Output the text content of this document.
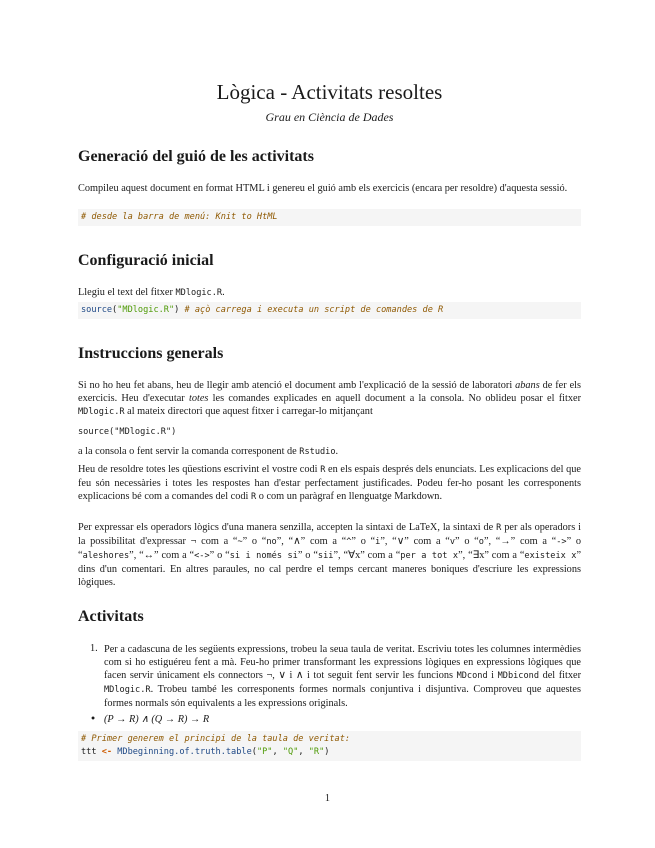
Lògica - Activitats resoltes
Grau en Ciència de Dades
Generació del guió de les activitats

Compileu aquest document en format HTML i genereu el guió amb els exercicis (encara per resoldre) d'aquesta sessió.

# desde la barra de menú: Knit to HtML
Configuració inicial

Llegiu el text del fitxer MDlogic.R.

source("MDlogic.R") # açò carrega i executa un script de comandes de R
Instruccions generals

Si no ho heu fet abans, heu de llegir amb atenció el document amb l'explicació de la sessió de laboratori abans de fer els exercicis. Heu d'executar totes les comandes explicades en aquell document a la consola. No oblideu posar el fitxer MDlogic.R al mateix directori que aquest fitxer i carregar-lo mitjançant

source("MDlogic.R")

a la consola o fent servir la comanda corresponent de Rstudio.

Heu de resoldre totes les qüestions escrivint el vostre codi R en els espais després dels enunciats. Les explicacions del que feu són necessàries i totes les respostes han d'estar perfectament justificades. Podeu fer-ho posant les corresponents explicacions bé com a comandes del codi R o com un paràgraf en llenguatge Markdown.

Per expressar els operadors lògics d'una manera senzilla, accepten la sintaxi de LaTeX, la sintaxi de R per als operadors i la possibilitat d'expressar ¬ com a “~” o “no”, “∧” com a “^” o “i”, “∨” com a “v” o “o”, “→” com a “->” o “aleshores”, “↔” com a “<->” o “si i només si” o “sii”, “∀x” com a “per a tot x”, “∃x” com a “existeix x” dins d'un comentari. En altres paraules, no cal perdre el temps cercant maneres boniques d'escriure les expressions lògiques.

Activitats
1. Per a cadascuna de les següents expressions, trobeu la seua taula de veritat. Escriviu totes les columnes intermèdies com si ho estiguéreu fent a mà. Feu-ho primer transformant les expressions lògiques en expressions lògiques que facen servir únicament els connectors ¬, ∨ i ∧ i tot seguit fent servir les funcions MDcond i MDbicond del fitxer MDlogic.R. Trobeu també les corresponents formes normals conjuntiva i disjuntiva. Comproveu que aquestes formes normals són equivalents a les expressions originals.
• (P → R) ∧ (Q → R) → R
# Primer generem el principi de la taula de veritat:
ttt <- MDbeginning.of.truth.table("P", "Q", "R")
1
